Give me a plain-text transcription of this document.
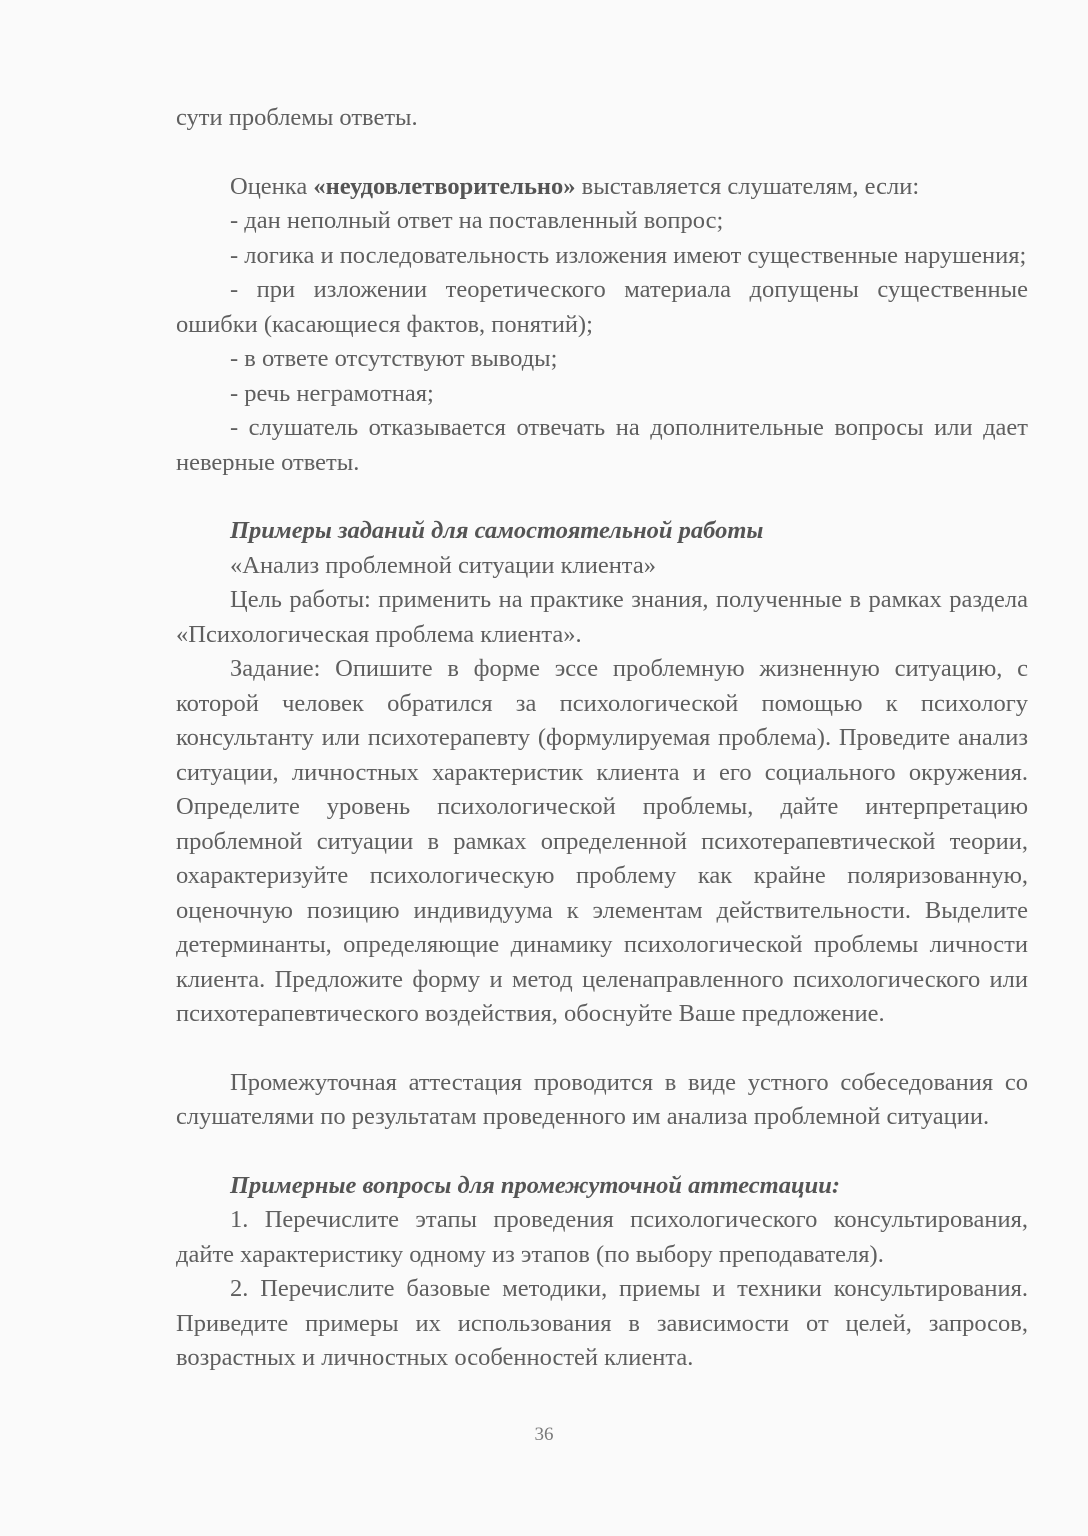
сути проблемы ответы.

Оценка «неудовлетворительно» выставляется слушателям, если:

- дан неполный ответ на поставленный вопрос;

- логика и последовательность изложения имеют существенные нарушения;

- при изложении теоретического материала допущены существенные ошибки (касающиеся фактов, понятий);

- в ответе отсутствуют выводы;

- речь неграмотная;

- слушатель отказывается отвечать на дополнительные вопросы или дает неверные ответы.

Примеры заданий для самостоятельной работы

«Анализ проблемной ситуации клиента»

Цель работы: применить на практике знания, полученные в рамках раздела «Психологическая проблема клиента».

Задание: Опишите в форме эссе проблемную жизненную ситуацию, с которой человек обратился за психологической помощью к психологу консультанту или психотерапевту (формулируемая проблема). Проведите анализ ситуации, личностных характеристик клиента и его социального окружения. Определите уровень психологической проблемы, дайте интерпретацию проблемной ситуации в рамках определенной психотерапевтической теории, охарактеризуйте психологическую проблему как крайне поляризованную, оценочную позицию индивидуума к элементам действительности. Выделите детерминанты, определяющие динамику психологической проблемы личности клиента. Предложите форму и метод целенаправленного психологического или психотерапевтического воздействия, обоснуйте Ваше предложение.

Промежуточная аттестация проводится в виде устного собеседования со слушателями по результатам проведенного им анализа проблемной ситуации.

Примерные вопросы для промежуточной аттестации:

1. Перечислите этапы проведения психологического консультирования, дайте характеристику одному из этапов (по выбору преподавателя).

2. Перечислите базовые методики, приемы и техники консультирования. Приведите примеры их использования в зависимости от целей, запросов, возрастных и личностных особенностей клиента.

36
